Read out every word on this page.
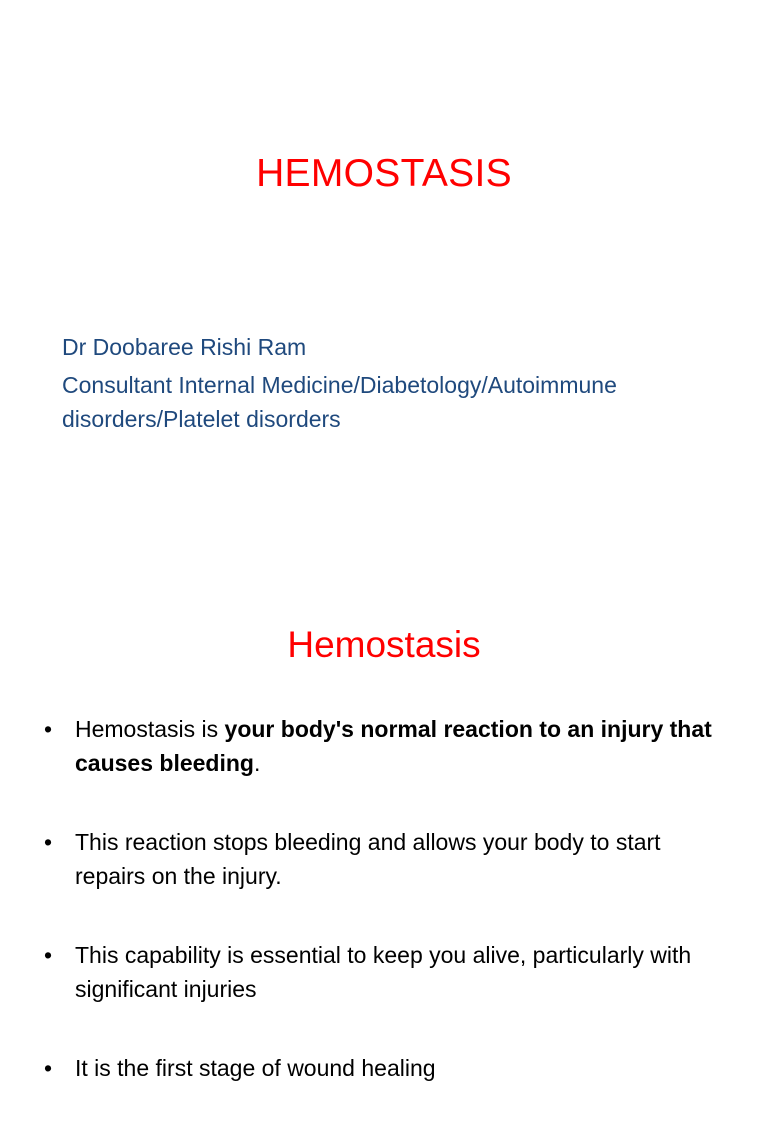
HEMOSTASIS
Dr Doobaree Rishi Ram
Consultant Internal Medicine/Diabetology/Autoimmune disorders/Platelet disorders
Hemostasis
• Hemostasis is your body's normal reaction to an injury that causes bleeding.
• This reaction stops bleeding and allows your body to start repairs on the injury.
• This capability is essential to keep you alive, particularly with significant injuries
• It is the first stage of wound healing
